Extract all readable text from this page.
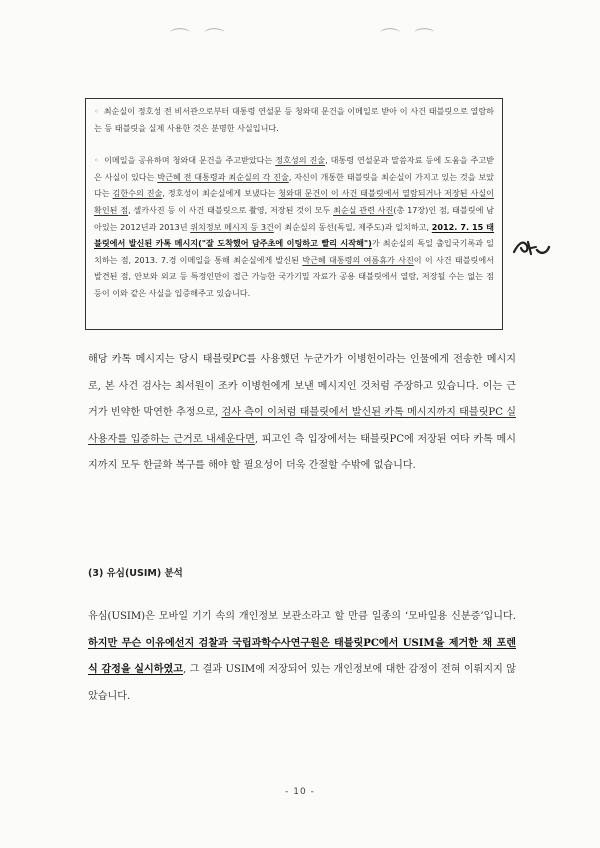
⌒ ⌒	⌒ ⌒

◦ 최순실이 정호성 전 비서관으로부터 대통령 연설문 등 청와대 문건을 이메일로 받아 이 사건 태블릿으로 열람하는 등 태블릿을 실제 사용한 것은 분명한 사실입니다.

◦ 이메일을 공유하며 청와대 문건을 주고받았다는 정호성의 진술, 대통령 연설문과 말씀자료 등에 도움을 주고받은 사실이 있다는 박근혜 전 대통령과 최순실의 각 진술, 자신이 개통한 태블릿을 최순실이 가지고 있는 것을 보았다는 김한수의 진술, 정호성이 최순실에게 보냈다는 청와대 문건이 이 사건 태블릿에서 열람되거나 저장된 사실이 확인된 점, 셀카사진 등 이 사건 태블릿으로 촬영, 저장된 것이 모두 최순실 관련 사진(총 17장)인 점, 태블릿에 남아있는 2012년과 2013년 위치정보 메시지 등 3건이 최순실의 동선(독일, 제주도)과 일치하고, 2012. 7. 15 태블릿에서 발신된 카톡 메시지("잘 도착했어 담주초에 이팅하고 빨리 시작해")가 최순실의 독일 출입국기록과 일치하는 점, 2013. 7.경 이메일을 통해 최순실에게 발신된 박근혜 대통령의 여름휴가 사진이 이 사건 태블릿에서 발견된 점, 안보와 외교 등 특정인만이 접근 가능한 국가기밀 자료가 공용 태블릿에서 열람, 저장될 수는 없는 점 등이 이와 같은 사실을 입증해주고 있습니다.

해당 카톡 메시지는 당시 태블릿PC를 사용했던 누군가가 이병헌이라는 인물에게 전송한 메시지로, 본 사건 검사는 최서원이 조카 이병헌에게 보낸 메시지인 것처럼 주장하고 있습니다. 이는 근거가 빈약한 막연한 추정으로, 검사 측이 이처럼 태블릿에서 발신된 카톡 메시지까지 태블릿PC 실사용자를 입증하는 근거로 내세운다면, 피고인 측 입장에서는 태블릿PC에 저장된 여타 카톡 메시지까지 모두 한글화 복구를 해야 할 필요성이 더욱 간절할 수밖에 없습니다.

(3) 유심(USIM) 분석

유심(USIM)은 모바일 기기 속의 개인정보 보관소라고 할 만큼 일종의 ‘모바일용 신분증’입니다. 하지만 무슨 이유에선지 검찰과 국립과학수사연구원은 태블릿PC에서 USIM을 제거한 채 포렌식 감정을 실시하였고, 그 결과 USIM에 저장되어 있는 개인정보에 대한 감정이 전혀 이뤄지지 않았습니다.

- 10 -
